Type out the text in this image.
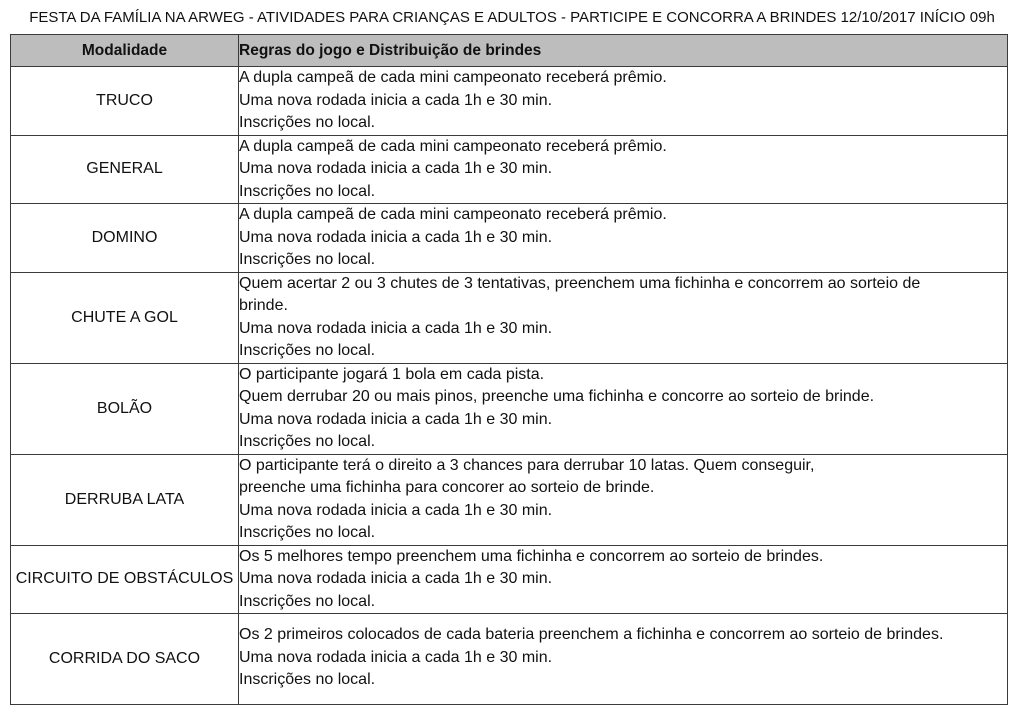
FESTA DA FAMÍLIA NA ARWEG - ATIVIDADES PARA CRIANÇAS E ADULTOS - PARTICIPE E CONCORRA A BRINDES 12/10/2017 INÍCIO 09h
Modalidade	Regras do jogo e Distribuição de brindes
TRUCO	A dupla campeã de cada mini campeonato receberá prêmio.
Uma nova rodada inicia a cada 1h e 30 min.
Inscrições no local.

GENERAL	A dupla campeã de cada mini campeonato receberá prêmio.
Uma nova rodada inicia a cada 1h e 30 min.
Inscrições no local.

DOMINO	A dupla campeã de cada mini campeonato receberá prêmio.
Uma nova rodada inicia a cada 1h e 30 min.
Inscrições no local.

CHUTE A GOL	Quem acertar 2 ou 3 chutes de 3 tentativas, preenchem uma fichinha e concorrem ao sorteio de
brinde.
Uma nova rodada inicia a cada 1h e 30 min.
Inscrições no local.

BOLÃO	O participante jogará 1 bola em cada pista.
Quem derrubar 20 ou mais pinos, preenche uma fichinha e concorre ao sorteio de brinde.
Uma nova rodada inicia a cada 1h e 30 min.
Inscrições no local.

DERRUBA LATA	O participante terá o direito a 3 chances para derrubar 10 latas. Quem conseguir,
preenche uma fichinha para concorer ao sorteio de brinde.
Uma nova rodada inicia a cada 1h e 30 min.
Inscrições no local.

CIRCUITO DE OBSTÁCULOS	Os 5 melhores tempo preenchem uma fichinha e concorrem ao sorteio de brindes.
Uma nova rodada inicia a cada 1h e 30 min.
Inscrições no local.

CORRIDA DO SACO	Os 2 primeiros colocados de cada bateria preenchem a fichinha e concorrem ao sorteio de brindes.
Uma nova rodada inicia a cada 1h e 30 min.
Inscrições no local.
